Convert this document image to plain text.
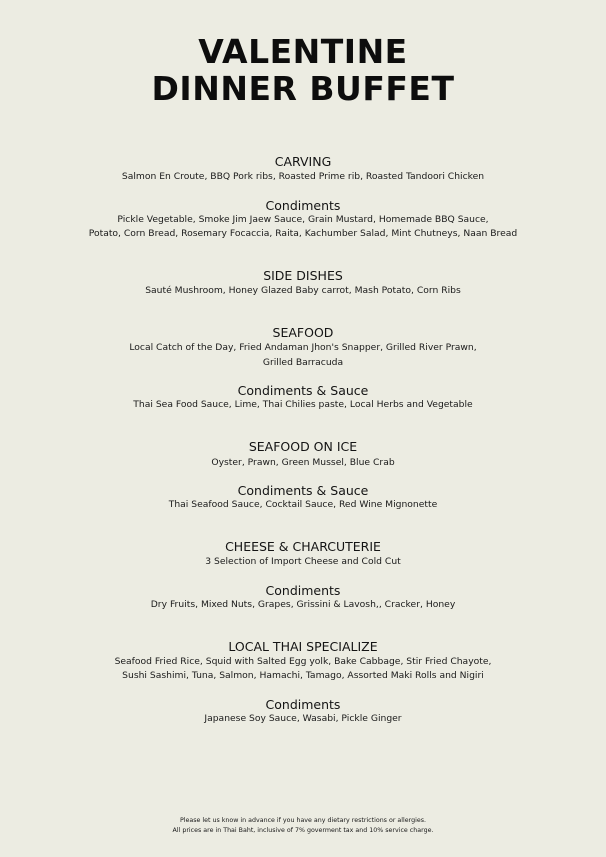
VALENTINE
DINNER BUFFET
CARVING
Salmon En Croute, BBQ Pork ribs, Roasted Prime rib, Roasted Tandoori Chicken
Condiments
Pickle Vegetable, Smoke Jim Jaew Sauce, Grain Mustard, Homemade BBQ Sauce,
Potato, Corn Bread, Rosemary Focaccia, Raita, Kachumber Salad, Mint Chutneys, Naan Bread
SIDE DISHES
Sauté Mushroom, Honey Glazed Baby carrot, Mash Potato, Corn Ribs
SEAFOOD
Local Catch of the Day, Fried Andaman Jhon's Snapper, Grilled River Prawn,
Grilled Barracuda
Condiments & Sauce
Thai Sea Food Sauce, Lime, Thai Chilies paste, Local Herbs and Vegetable
SEAFOOD ON ICE
Oyster, Prawn, Green Mussel, Blue Crab
Condiments & Sauce
Thai Seafood Sauce, Cocktail Sauce, Red Wine Mignonette
CHEESE & CHARCUTERIE
3 Selection of Import Cheese and Cold Cut
Condiments
Dry Fruits, Mixed Nuts, Grapes, Grissini & Lavosh,, Cracker, Honey
LOCAL THAI SPECIALIZE
Seafood Fried Rice, Squid with Salted Egg yolk, Bake Cabbage, Stir Fried Chayote,
Sushi Sashimi, Tuna, Salmon, Hamachi, Tamago, Assorted Maki Rolls and Nigiri
Condiments
Japanese Soy Sauce, Wasabi, Pickle Ginger
Please let us know in advance if you have any dietary restrictions or allergies.
All prices are in Thai Baht, inclusive of 7% goverment tax and 10% service charge.
